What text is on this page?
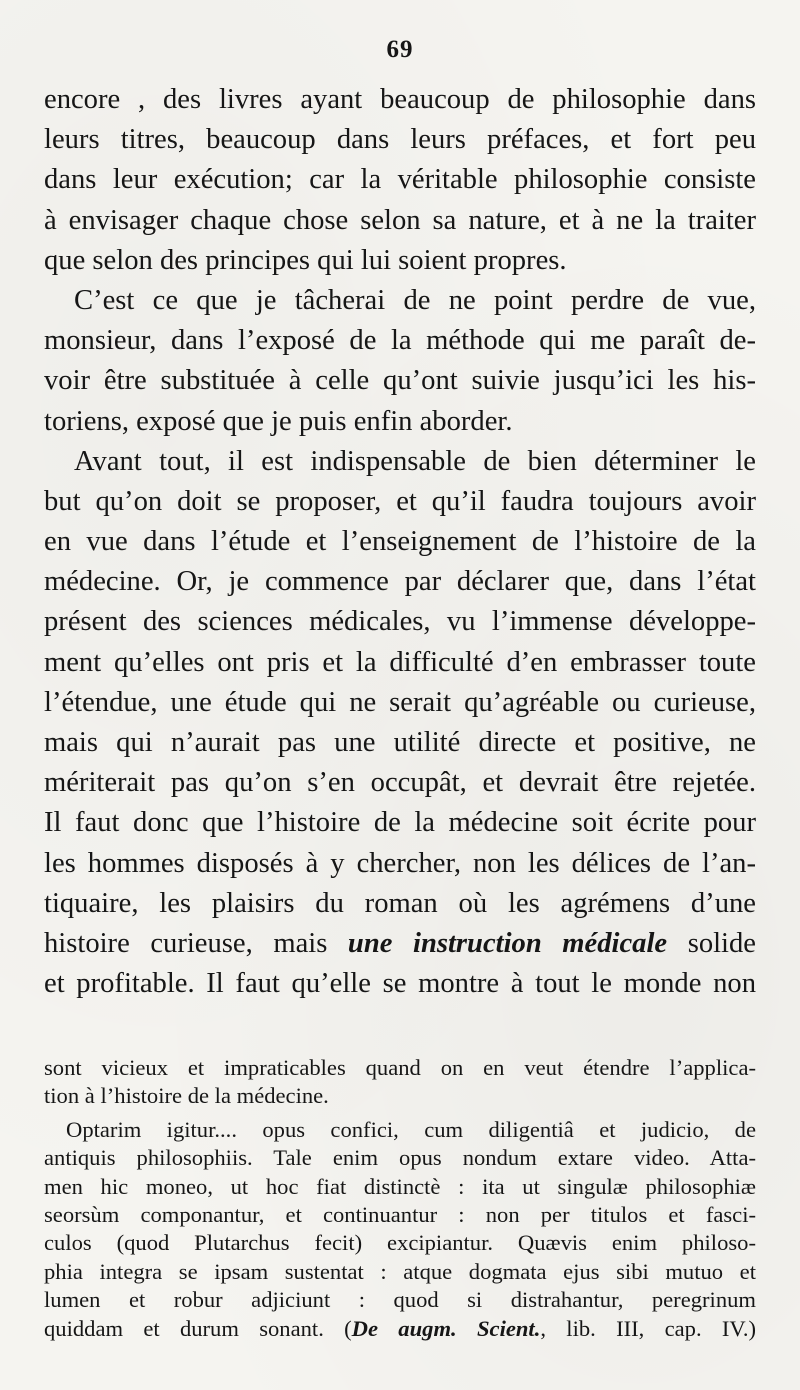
69
encore , des livres ayant beaucoup de philosophie dans
leurs titres, beaucoup dans leurs préfaces, et fort peu
dans leur exécution; car la véritable philosophie consiste
à envisager chaque chose selon sa nature, et à ne la traiter
que selon des principes qui lui soient propres.
C’est ce que je tâcherai de ne point perdre de vue,
monsieur, dans l’exposé de la méthode qui me paraît de-
voir être substituée à celle qu’ont suivie jusqu’ici les his-
toriens, exposé que je puis enfin aborder.
Avant tout, il est indispensable de bien déterminer le
but qu’on doit se proposer, et qu’il faudra toujours avoir
en vue dans l’étude et l’enseignement de l’histoire de la
médecine. Or, je commence par déclarer que, dans l’état
présent des sciences médicales, vu l’immense développe-
ment qu’elles ont pris et la difficulté d’en embrasser toute
l’étendue, une étude qui ne serait qu’agréable ou curieuse,
mais qui n’aurait pas une utilité directe et positive, ne
mériterait pas qu’on s’en occupât, et devrait être rejetée.
Il faut donc que l’histoire de la médecine soit écrite pour
les hommes disposés à y chercher, non les délices de l’an-
tiquaire, les plaisirs du roman où les agrémens d’une
histoire curieuse, mais une instruction médicale solide
et profitable. Il faut qu’elle se montre à tout le monde non
sont vicieux et impraticables quand on en veut étendre l’applica-
tion à l’histoire de la médecine.
Optarim igitur.... opus confici, cum diligentiâ et judicio, de
antiquis philosophiis. Tale enim opus nondum extare video. Atta-
men hic moneo, ut hoc fiat distinctè : ita ut singulæ philosophiæ
seorsùm componantur, et continuantur : non per titulos et fasci-
culos (quod Plutarchus fecit) excipiantur. Quævis enim philoso-
phia integra se ipsam sustentat : atque dogmata ejus sibi mutuo et
lumen et robur adjiciunt : quod si distrahantur, peregrinum
quiddam et durum sonant. (De augm. Scient., lib. III, cap. IV.)
